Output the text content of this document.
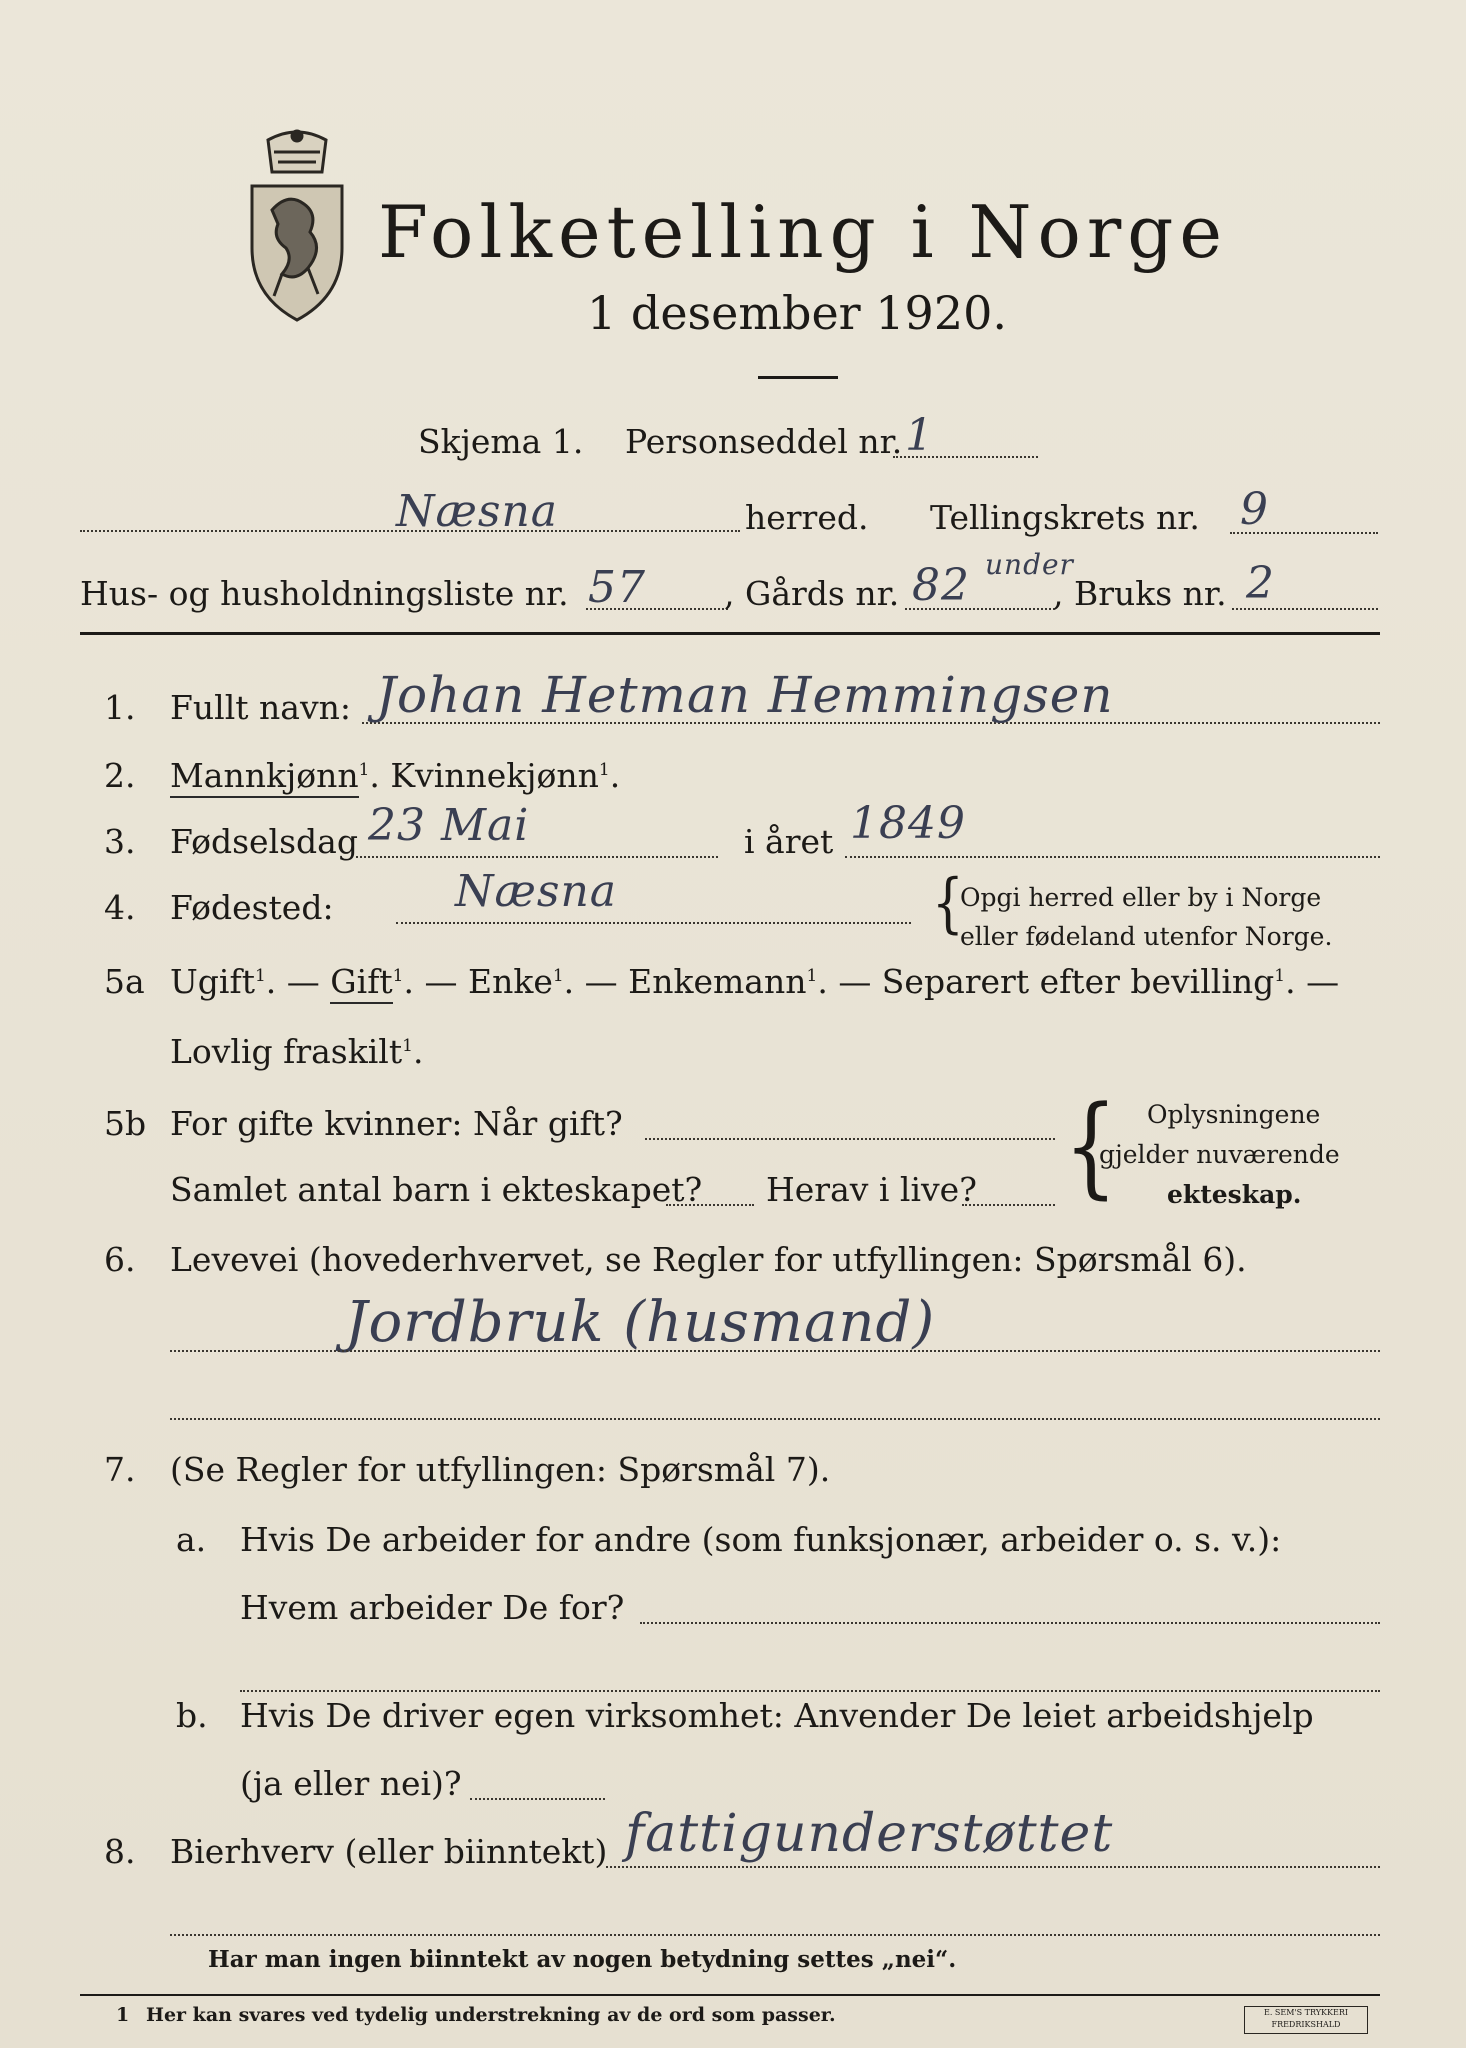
Folketelling i Norge
1 desember 1920.
Skjema 1. Personseddel nr. 1
Næsna	herred. Tellingskrets nr. 9
Hus- og husholdningsliste nr. 57 , Gårds nr. 82 under
, Bruks nr. 2
1. Fullt navn: Johan Hetman Hemmingsen
2. Mannkjønn$^1$. Kvinnekjønn$^1$.
3. Fødselsdag 23 Mai	i året 1849
4. Fødested:	Næsna	{
Opgi herred eller by i Norge
eller fødeland utenfor Norge.
5a Ugift$^1$. — Gift$^1$. — Enke$^1$. — Enkemann$^1$. — Separert efter bevilling$^1$. —
Lovlig fraskilt$^1$.
5b For gifte kvinner: Når gift?
Samlet antal barn i ekteskapet? Herav i live? { Oplysningene
gjelder nuværende
ekteskap.
6. Levevei (hovederhvervet, se Regler for utfyllingen: Spørsmål 6).
Jordbruk (husmand)
7. (Se Regler for utfyllingen: Spørsmål 7).
a. Hvis De arbeider for andre (som funksjonær, arbeider o. s. v.):
Hvem arbeider De for?
b. Hvis De driver egen virksomhet: Anvender De leiet arbeidshjelp
(ja eller nei)?
8. Bierhverv (eller biinntekt) fattigunderstøttet
Har man ingen biinntekt av nogen betydning settes „nei“.
1 Her kan svares ved tydelig understrekning av de ord som passer.	E. SEM'S TRYKKERI
FREDRIKSHALD
